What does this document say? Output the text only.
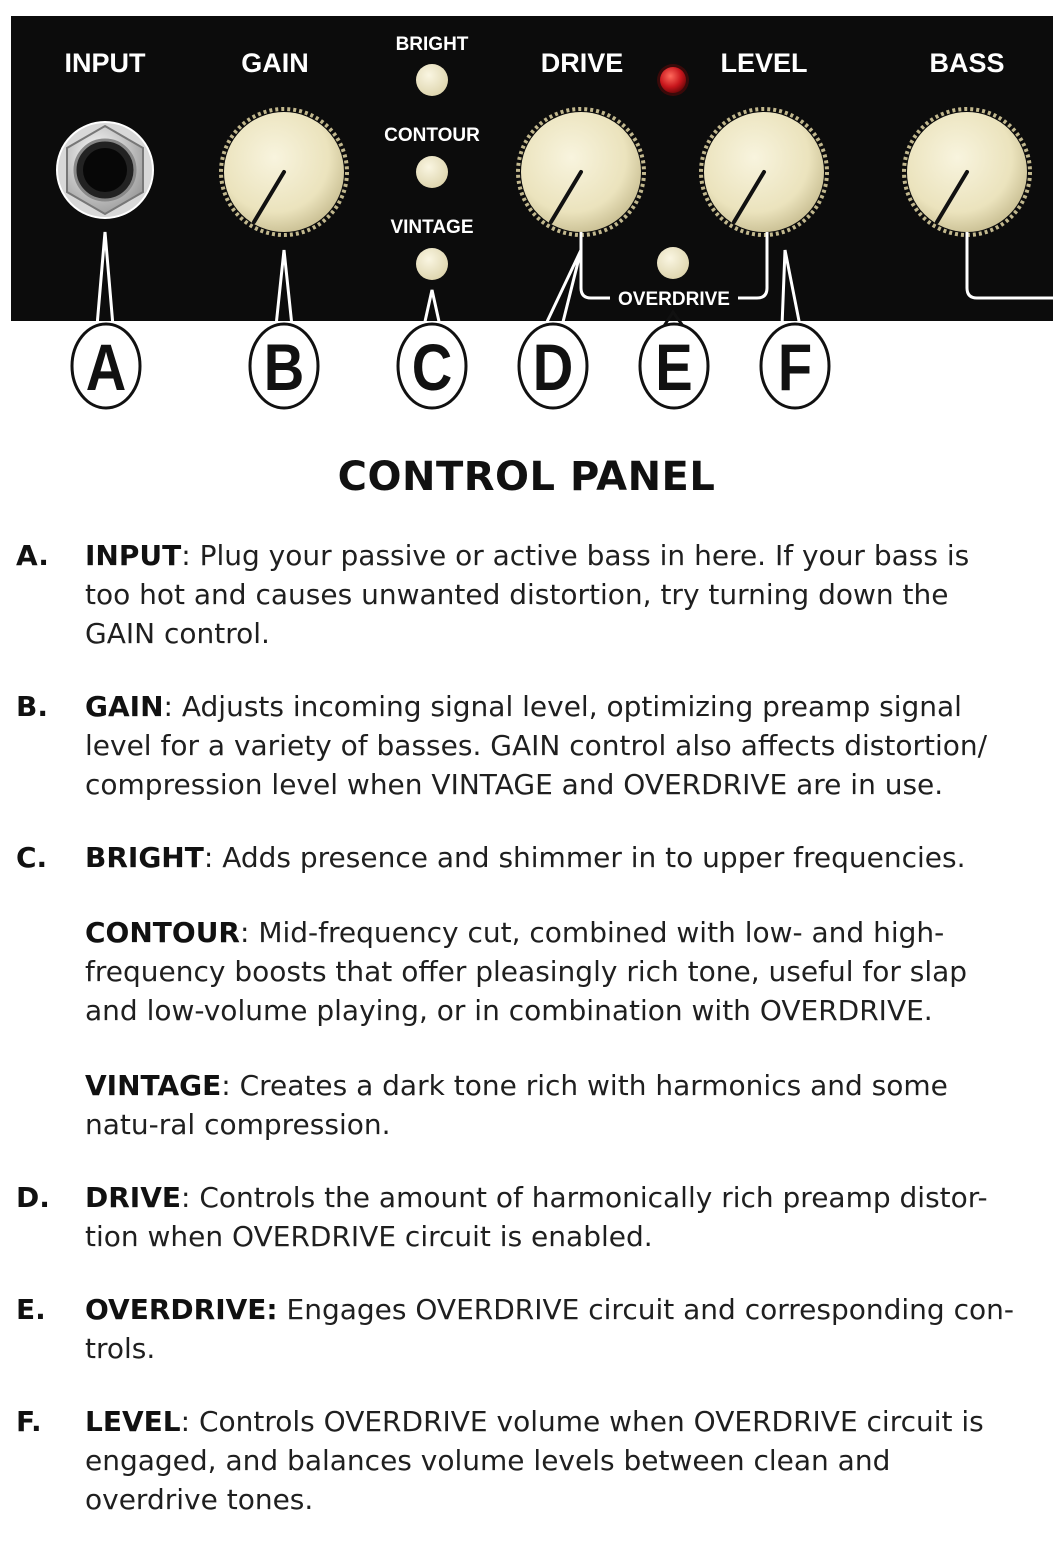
INPUT	GAIN
BRIGHT
DRIVE	LEVEL	BASS
CONTOUR
VINTAGE
OVERDRIVE
A B C D E F
CONTROL PANEL
A. INPUT: Plug your passive or active bass in here. If your bass is too hot and causes unwanted distortion, try turning down the GAIN control.

B. GAIN: Adjusts incoming signal level, optimizing preamp signal level for a variety of basses. GAIN control also affects distortion/ compression level when VINTAGE and OVERDRIVE are in use.

C. BRIGHT: Adds presence and shimmer in to upper frequencies.

CONTOUR: Mid-frequency cut, combined with low- and high-frequency boosts that offer pleasingly rich tone, useful for slap and low-volume playing, or in combination with OVERDRIVE.

VINTAGE: Creates a dark tone rich with harmonics and some natu-ral compression.

D. DRIVE: Controls the amount of harmonically rich preamp distor-tion when OVERDRIVE circuit is enabled.

E. OVERDRIVE: Engages OVERDRIVE circuit and corresponding con-trols.

F. LEVEL: Controls OVERDRIVE volume when OVERDRIVE circuit is engaged, and balances volume levels between clean and overdrive tones.
